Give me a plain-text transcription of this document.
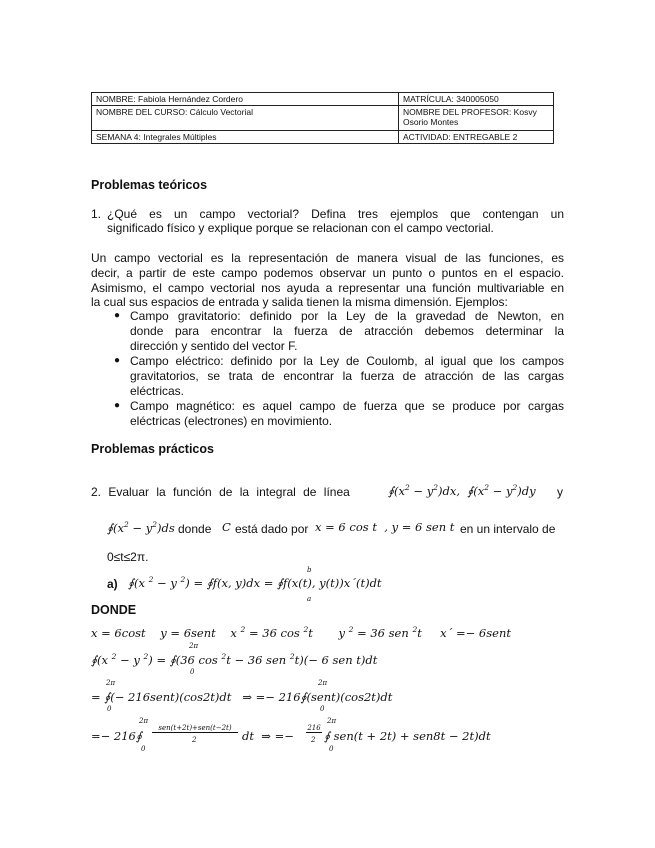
NOMBRE: Fabiola Hernández Cordero	MATRÍCULA: 340005050
NOMBRE DEL CURSO: Cálculo Vectorial	NOMBRE DEL PROFESOR: Kosvy Osorio Montes
SEMANA 4: Integrales Múltiples	ACTIVIDAD: ENTREGABLE 2
Problemas teóricos
1. ¿Qué es un campo vectorial? Defina tres ejemplos que contengan un
significado físico y explique porque se relacionan con el campo vectorial.
Un campo vectorial es la representación de manera visual de las funciones, es
decir, a partir de este campo podemos observar un punto o puntos en el espacio.
Asimismo, el campo vectorial nos ayuda a representar una función multivariable en
la cual sus espacios de entrada y salida tienen la misma dimensión. Ejemplos:
● Campo gravitatorio: definido por la Ley de la gravedad de Newton, en
donde para encontrar la fuerza de atracción debemos determinar la
dirección y sentido del vector F.
● Campo eléctrico: definido por la Ley de Coulomb, al igual que los campos
gravitatorios, se trata de encontrar la fuerza de atracción de las cargas
eléctricas.
● Campo magnético: es aquel campo de fuerza que se produce por cargas
eléctricas (electrones) en movimiento.
Problemas prácticos
2. Evaluar la función de la integral de línea	$∮(x^2 - y^2)dx$,  $∮(x^2 - y^2)dy$ y
$∮(x^2 - y^2)ds$ donde C está dado por x = 6 cos t  , y = 6 sen t en un intervalo de
0≤t≤2π.
a) ∮(x $^2$ − y $^2$) = ∮f(x, y)dx = ∮f(x(t), y(t))x´(t)dt
b
a
DONDE
x = 6cost    y = 6sent    x $^2$ = 36 cos $^2$t       y $^2$ = 36 sen $^2$t     x´ =− 6sent
2π
∮(x $^2$ − y $^2$) = ∮(36 cos $^2$t − 36 sen $^2$t)(− 6 sen t)dt
0
2π	2π
= ∮(− 216sent)(cos2t)dt   ⇒ =− 216∮(sent)(cos2t)dt
0	0
2π	2π
=− 216∮
sen(t+2t)+sen(t−2t)
2	dt  ⇒ =−
216
2 ∮ sen(t + 2t) + sen8t − 2t)dt
0	0
